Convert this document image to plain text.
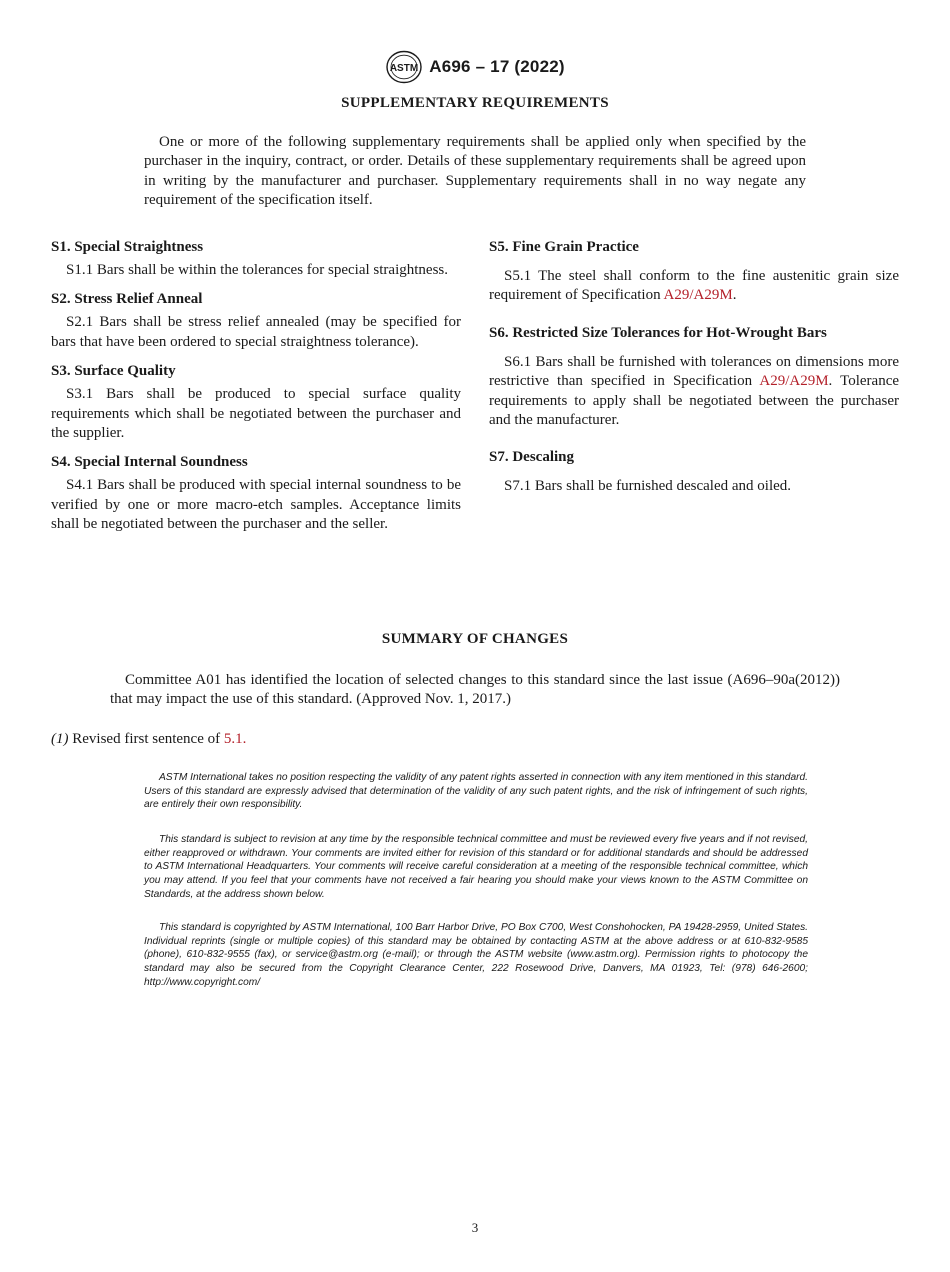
ASTM A696 – 17 (2022)
SUPPLEMENTARY REQUIREMENTS

One or more of the following supplementary requirements shall be applied only when specified by the purchaser in the inquiry, contract, or order. Details of these supplementary requirements shall be agreed upon in writing by the manufacturer and purchaser. Supplementary requirements shall in no way negate any requirement of the specification itself.

S1. Special Straightness

S1.1 Bars shall be within the tolerances for special straightness.

S2. Stress Relief Anneal

S2.1 Bars shall be stress relief annealed (may be specified for bars that have been ordered to special straightness tolerance).

S3. Surface Quality

S3.1 Bars shall be produced to special surface quality requirements which shall be negotiated between the purchaser and the supplier.

S4. Special Internal Soundness

S4.1 Bars shall be produced with special internal soundness to be verified by one or more macro-etch samples. Acceptance limits shall be negotiated between the purchaser and the seller.

S5. Fine Grain Practice

S5.1 The steel shall conform to the fine austenitic grain size requirement of Specification A29/A29M.

S6. Restricted Size Tolerances for Hot-Wrought Bars

S6.1 Bars shall be furnished with tolerances on dimensions more restrictive than specified in Specification A29/A29M. Tolerance requirements to apply shall be negotiated between the purchaser and the manufacturer.

S7. Descaling

S7.1 Bars shall be furnished descaled and oiled.

SUMMARY OF CHANGES

Committee A01 has identified the location of selected changes to this standard since the last issue (A696–90a(2012)) that may impact the use of this standard. (Approved Nov. 1, 2017.)

(1) Revised first sentence of 5.1.

ASTM International takes no position respecting the validity of any patent rights asserted in connection with any item mentioned in this standard. Users of this standard are expressly advised that determination of the validity of any such patent rights, and the risk of infringement of such rights, are entirely their own responsibility.

This standard is subject to revision at any time by the responsible technical committee and must be reviewed every five years and if not revised, either reapproved or withdrawn. Your comments are invited either for revision of this standard or for additional standards and should be addressed to ASTM International Headquarters. Your comments will receive careful consideration at a meeting of the responsible technical committee, which you may attend. If you feel that your comments have not received a fair hearing you should make your views known to the ASTM Committee on Standards, at the address shown below.

This standard is copyrighted by ASTM International, 100 Barr Harbor Drive, PO Box C700, West Conshohocken, PA 19428-2959, United States. Individual reprints (single or multiple copies) of this standard may be obtained by contacting ASTM at the above address or at 610-832-9585 (phone), 610-832-9555 (fax), or service@astm.org (e-mail); or through the ASTM website (www.astm.org). Permission rights to photocopy the standard may also be secured from the Copyright Clearance Center, 222 Rosewood Drive, Danvers, MA 01923, Tel: (978) 646-2600; http://www.copyright.com/

3
